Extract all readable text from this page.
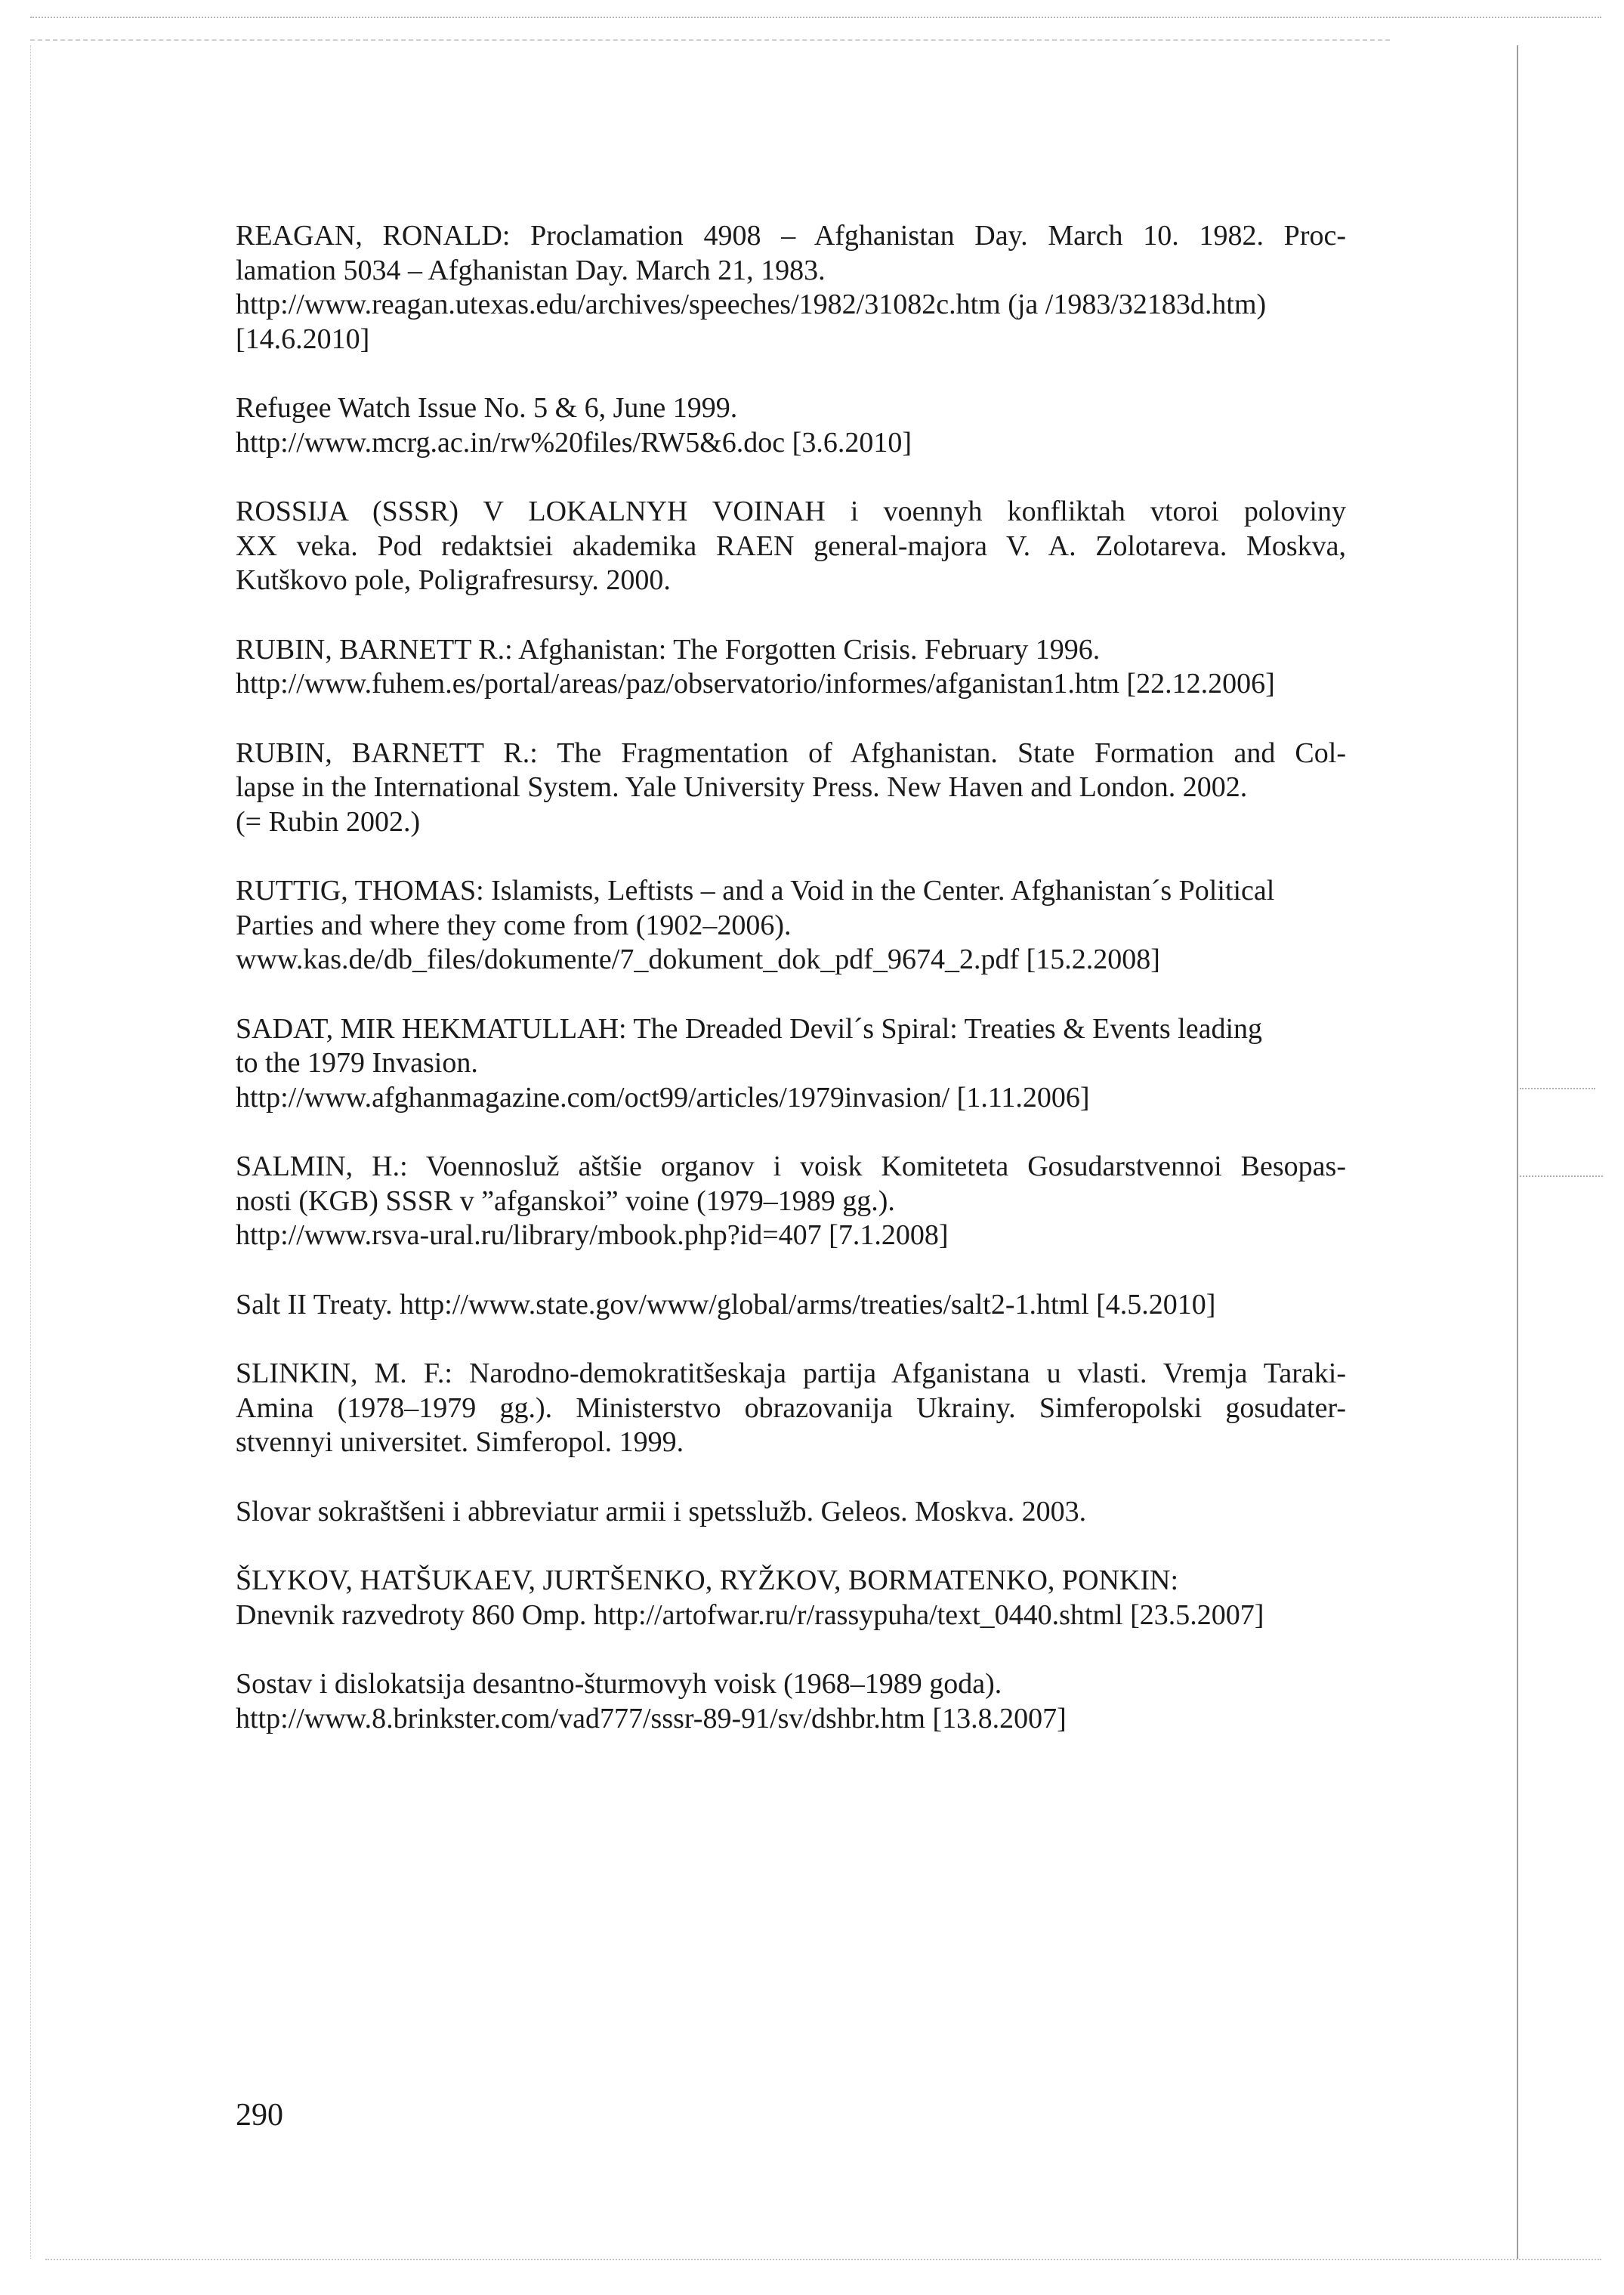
REAGAN, RONALD: Proclamation 4908 – Afghanistan Day. March 10. 1982. Proc-
lamation 5034 – Afghanistan Day. March 21, 1983.
http://www.reagan.utexas.edu/archives/speeches/1982/31082c.htm (ja /1983/32183d.htm)
[14.6.2010]
Refugee Watch Issue No. 5 & 6, June 1999.
http://www.mcrg.ac.in/rw%20files/RW5&6.doc [3.6.2010]
ROSSIJA (SSSR) V LOKALNYH VOINAH i voennyh konfliktah vtoroi poloviny
XX veka. Pod redaktsiei akademika RAEN general-majora V. A. Zolotareva. Moskva,
Kutškovo pole, Poligrafresursy. 2000.
RUBIN, BARNETT R.: Afghanistan: The Forgotten Crisis. February 1996.
http://www.fuhem.es/portal/areas/paz/observatorio/informes/afganistan1.htm [22.12.2006]
RUBIN, BARNETT R.: The Fragmentation of Afghanistan. State Formation and Col-
lapse in the International System. Yale University Press. New Haven and London. 2002.
(= Rubin 2002.)
RUTTIG, THOMAS: Islamists, Leftists – and a Void in the Center. Afghanistan´s Political
Parties and where they come from (1902–2006).
www.kas.de/db_files/dokumente/7_dokument_dok_pdf_9674_2.pdf [15.2.2008]
SADAT, MIR HEKMATULLAH: The Dreaded Devil´s Spiral: Treaties & Events leading
to the 1979 Invasion.
http://www.afghanmagazine.com/oct99/articles/1979invasion/ [1.11.2006]
SALMIN, H.: Voennosluž aštšie organov i voisk Komiteteta Gosudarstvennoi Besopas-
nosti (KGB) SSSR v ”afganskoi” voine (1979–1989 gg.).
http://www.rsva-ural.ru/library/mbook.php?id=407 [7.1.2008]
Salt II Treaty. http://www.state.gov/www/global/arms/treaties/salt2-1.html [4.5.2010]
SLINKIN, M. F.: Narodno-demokratitšeskaja partija Afganistana u vlasti. Vremja Taraki-
Amina (1978–1979 gg.). Ministerstvo obrazovanija Ukrainy. Simferopolski gosudater-
stvennyi universitet. Simferopol. 1999.
Slovar sokraštšeni i abbreviatur armii i spetsslužb. Geleos. Moskva. 2003.
ŠLYKOV, HATŠUKAEV, JURTŠENKO, RYŽKOV, BORMATENKO, PONKIN:
Dnevnik razvedroty 860 Omp. http://artofwar.ru/r/rassypuha/text_0440.shtml [23.5.2007]
Sostav i dislokatsija desantno-šturmovyh voisk (1968–1989 goda).
http://www.8.brinkster.com/vad777/sssr-89-91/sv/dshbr.htm [13.8.2007]
290
